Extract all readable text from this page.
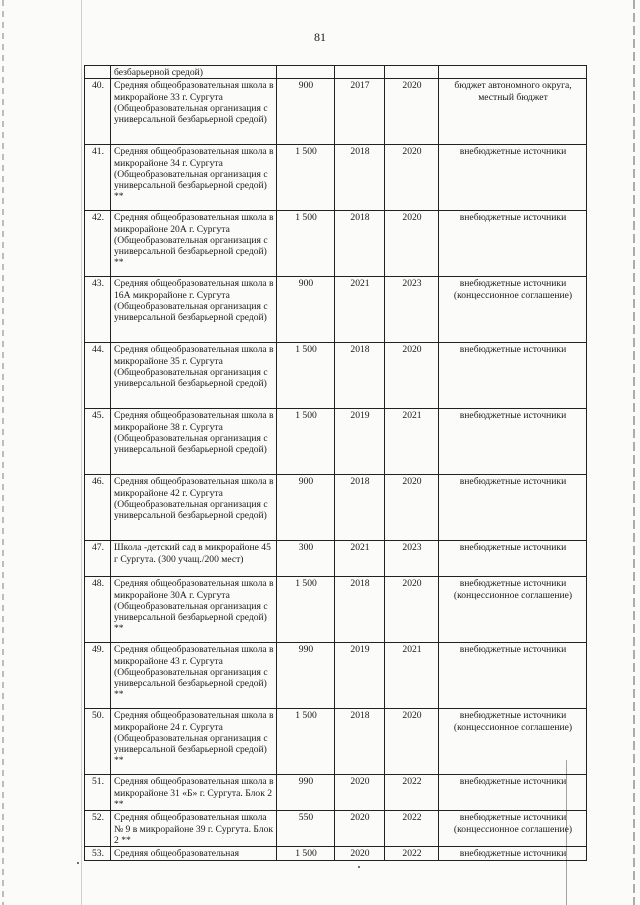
81
	безбарьерной средой)				
40.	Средняя общеобразовательная школа в микрорайоне 33 г. Сургута (Общеобразовательная организация с универсальной безбарьерной средой)	900	2017	2020	бюджет автономного округа, местный бюджет
41.	Средняя общеобразовательная школа в микрорайоне 34 г. Сургута (Общеобразовательная организация с универсальной безбарьерной средой) **	1 500	2018	2020	внебюджетные источники
42.	Средняя общеобразовательная школа в микрорайоне 20А г. Сургута (Общеобразовательная организация с универсальной безбарьерной средой) **	1 500	2018	2020	внебюджетные источники
43.	Средняя общеобразовательная школа в 16А микрорайоне г. Сургута (Общеобразовательная организация с универсальной безбарьерной средой)	900	2021	2023	внебюджетные источники (концессионное соглашение)
44.	Средняя общеобразовательная школа в микрорайоне 35 г. Сургута (Общеобразовательная организация с универсальной безбарьерной средой)	1 500	2018	2020	внебюджетные источники
45.	Средняя общеобразовательная школа в микрорайоне 38 г. Сургута (Общеобразовательная организация с универсальной безбарьерной средой)	1 500	2019	2021	внебюджетные источники
46.	Средняя общеобразовательная школа в микрорайоне 42 г. Сургута (Общеобразовательная организация с универсальной безбарьерной средой)	900	2018	2020	внебюджетные источники
47.	Школа -детский сад в микрорайоне 45 г Сургута. (300 учащ./200 мест)	300	2021	2023	внебюджетные источники
48.	Средняя общеобразовательная школа в микрорайоне 30А г. Сургута (Общеобразовательная организация с универсальной безбарьерной средой) **	1 500	2018	2020	внебюджетные источники (концессионное соглашение)
49.	Средняя общеобразовательная школа в микрорайоне 43 г. Сургута (Общеобразовательная организация с универсальной безбарьерной средой) **	990	2019	2021	внебюджетные источники
50.	Средняя общеобразовательная школа в микрорайоне 24 г. Сургута (Общеобразовательная организация с универсальной безбарьерной средой) **	1 500	2018	2020	внебюджетные источники (концессионное соглашение)
51.	Средняя общеобразовательная школа в микрорайоне 31 «Б» г. Сургута. Блок 2 **	990	2020	2022	внебюджетные источники
52.	Средняя общеобразовательная школа № 9 в микрорайоне 39 г. Сургута. Блок 2 **	550	2020	2022	внебюджетные источники (концессионное соглашение)
53.	Средняя общеобразовательная	1 500	2020	2022	внебюджетные источники
